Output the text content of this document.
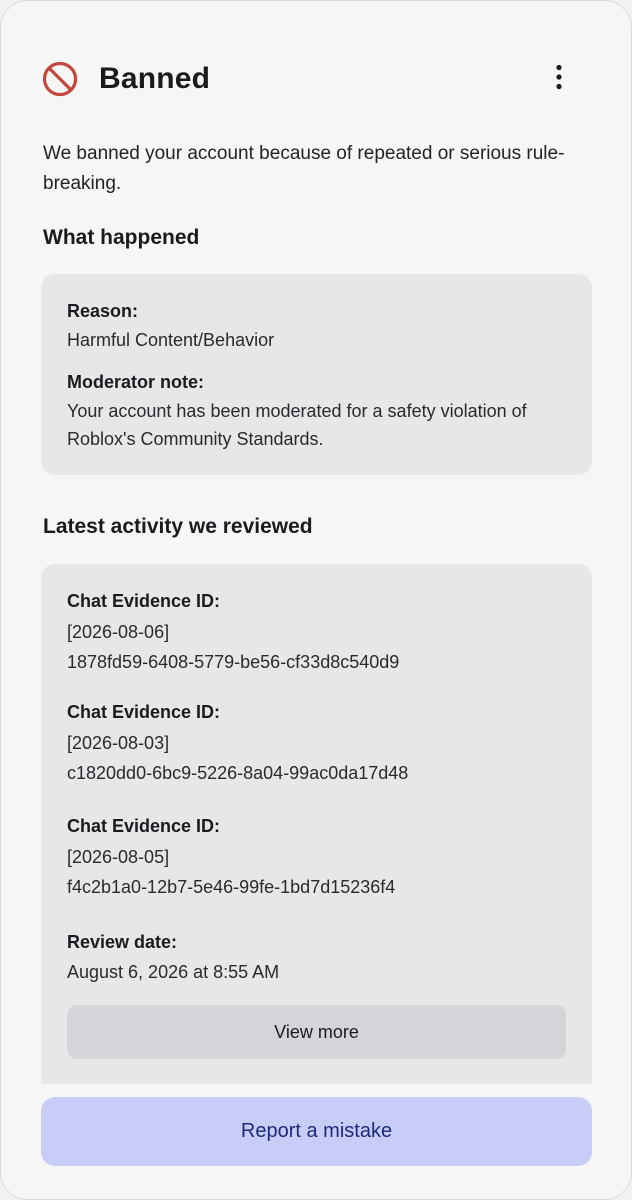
Banned
We banned your account because of repeated or serious rule-breaking.
What happened
Reason:
Harmful Content/Behavior
Moderator note:
Your account has been moderated for a safety violation of Roblox's Community Standards.
Latest activity we reviewed
Chat Evidence ID:
[2026-08-06]
1878fd59-6408-5779-be56-cf33d8c540d9
Chat Evidence ID:
[2026-08-03]
c1820dd0-6bc9-5226-8a04-99ac0da17d48
Chat Evidence ID:
[2026-08-05]
f4c2b1a0-12b7-5e46-99fe-1bd7d15236f4
Review date:
August 6, 2026 at 8:55 AM
View more
Report a mistake
